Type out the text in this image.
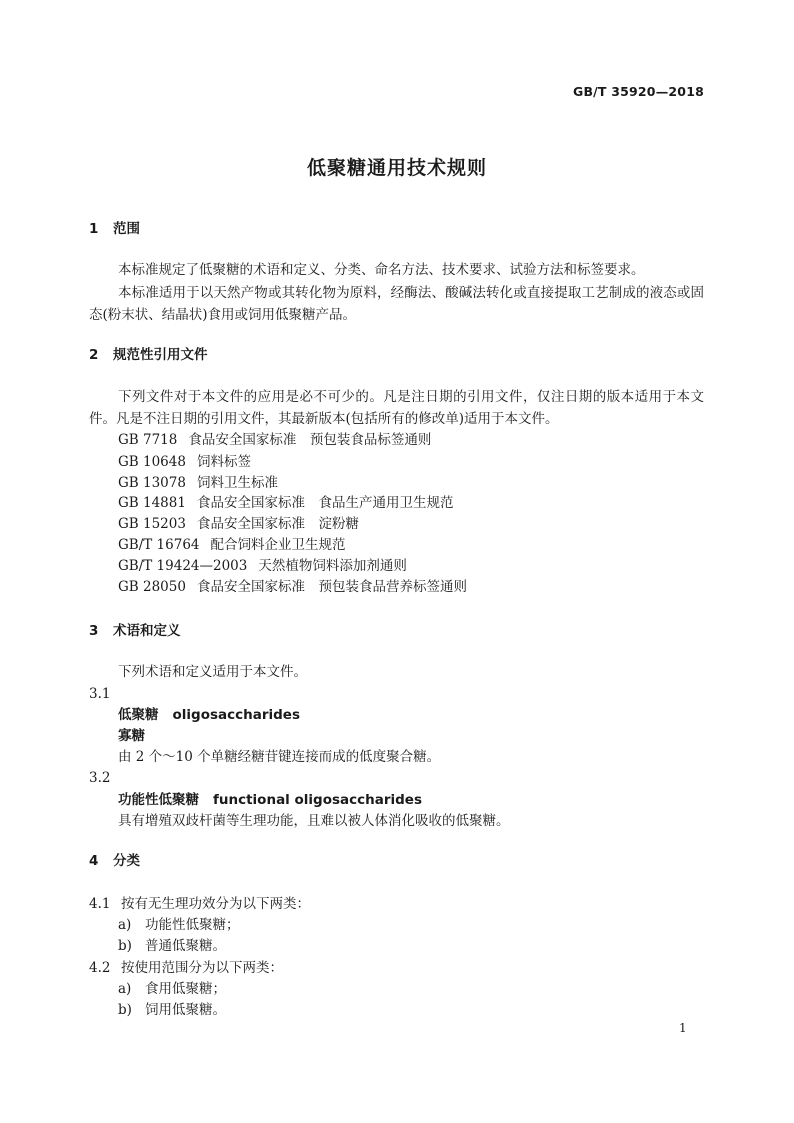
GB/T 35920—2018
低聚糖通用技术规则
1 范围
本标准规定了低聚糖的术语和定义、分类、命名方法、技术要求、试验方法和标签要求。
本标准适用于以天然产物或其转化物为原料，经酶法、酸碱法转化或直接提取工艺制成的液态或固
态(粉末状、结晶状)食用或饲用低聚糖产品。
2 规范性引用文件
下列文件对于本文件的应用是必不可少的。凡是注日期的引用文件，仅注日期的版本适用于本文
件。凡是不注日期的引用文件，其最新版本(包括所有的修改单)适用于本文件。
GB 7718 食品安全国家标准　预包装食品标签通则
GB 10648 饲料标签
GB 13078 饲料卫生标准
GB 14881 食品安全国家标准　食品生产通用卫生规范
GB 15203 食品安全国家标准　淀粉糖
GB/T 16764 配合饲料企业卫生规范
GB/T 19424—2003 天然植物饲料添加剂通则
GB 28050 食品安全国家标准　预包装食品营养标签通则
3 术语和定义
下列术语和定义适用于本文件。
3.1
低聚糖 oligosaccharides
寡糖
由 2 个～10 个单糖经糖苷键连接而成的低度聚合糖。
3.2
功能性低聚糖 functional oligosaccharides
具有增殖双歧杆菌等生理功能，且难以被人体消化吸收的低聚糖。
4 分类
4.1 按有无生理功效分为以下两类：
a) 功能性低聚糖；
b) 普通低聚糖。
4.2 按使用范围分为以下两类：
a) 食用低聚糖；
b) 饲用低聚糖。
1
